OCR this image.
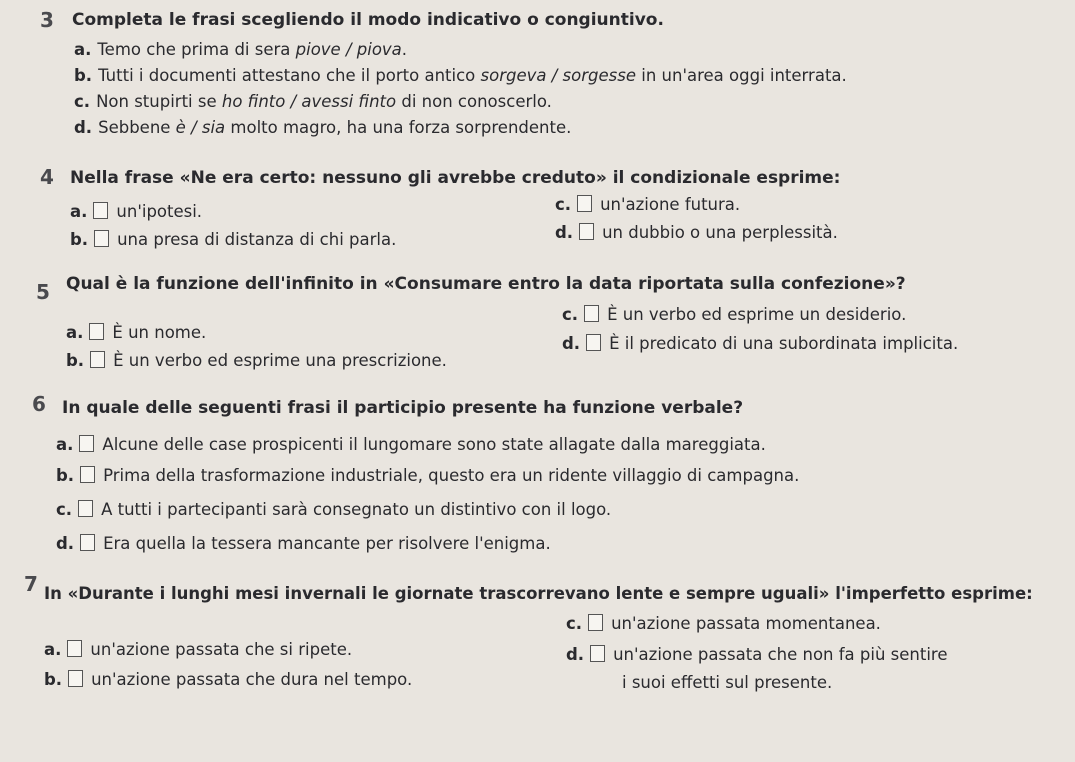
3 Completa le frasi scegliendo il modo indicativo o congiuntivo.
a. Temo che prima di sera piove / piova.
b. Tutti i documenti attestano che il porto antico sorgeva / sorgesse in un'area oggi interrata.
c. Non stupirti se ho finto / avessi finto di non conoscerlo.
d. Sebbene è / sia molto magro, ha una forza sorprendente.
4 Nella frase «Ne era certo: nessuno gli avrebbe creduto» il condizionale esprime:
a. un'ipotesi.
b. una presa di distanza di chi parla.
c. un'azione futura.
d. un dubbio o una perplessità.
5 Qual è la funzione dell'infinito in «Consumare entro la data riportata sulla confezione»?
a. È un nome.
b. È un verbo ed esprime una prescrizione.
c. È un verbo ed esprime un desiderio.
d. È il predicato di una subordinata implicita.
6 In quale delle seguenti frasi il participio presente ha funzione verbale?
a. Alcune delle case prospicenti il lungomare sono state allagate dalla mareggiata.
b. Prima della trasformazione industriale, questo era un ridente villaggio di campagna.
c. A tutti i partecipanti sarà consegnato un distintivo con il logo.
d. Era quella la tessera mancante per risolvere l'enigma.
7 In «Durante i lunghi mesi invernali le giornate trascorrevano lente e sempre uguali» l'imperfetto esprime:
a. un'azione passata che si ripete.
b. un'azione passata che dura nel tempo.
c. un'azione passata momentanea.
d. un'azione passata che non fa più sentire
i suoi effetti sul presente.
